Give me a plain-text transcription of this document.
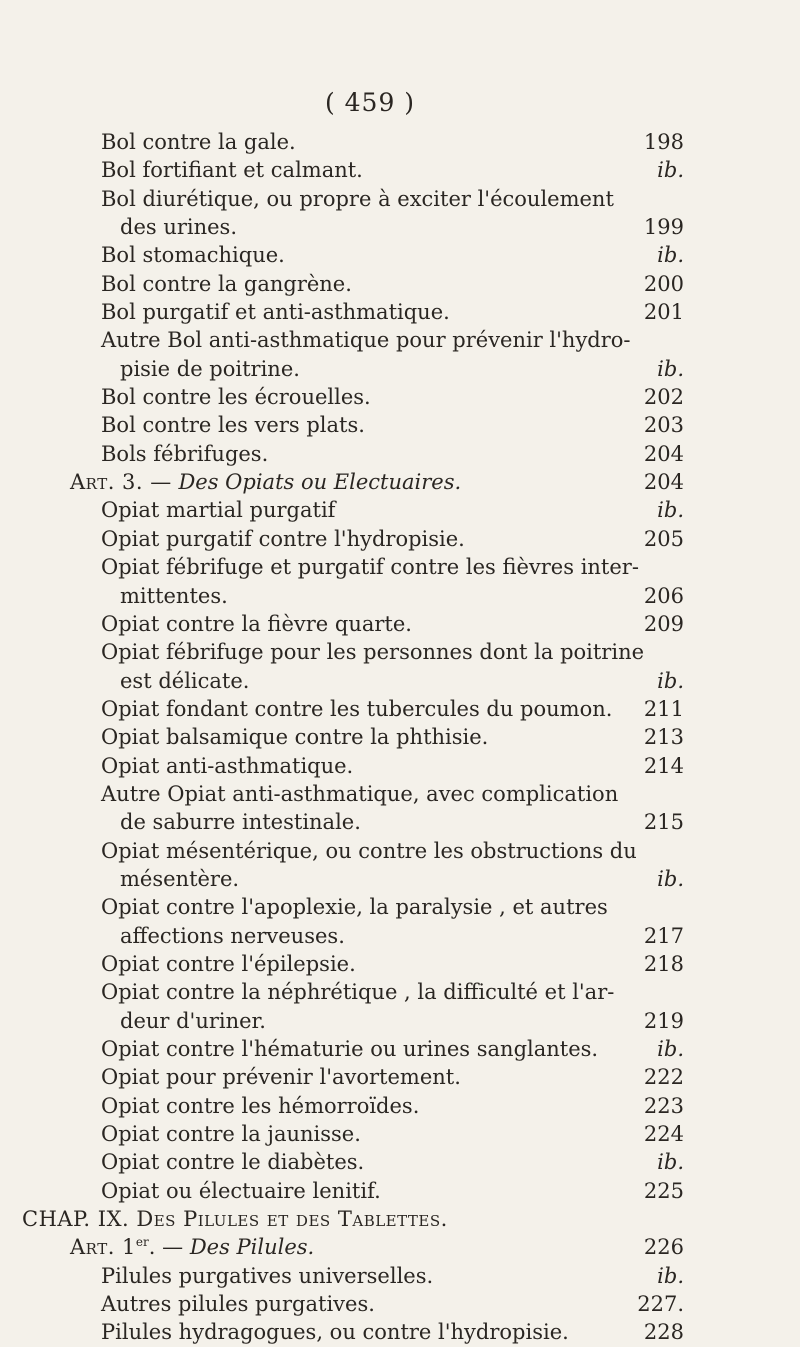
( 459 )
Bol contre la gale.	198
Bol fortifiant et calmant.	ib.
Bol diurétique, ou propre à exciter l'écoulement
des urines.	199
Bol stomachique.	ib.
Bol contre la gangrène.	200
Bol purgatif et anti-asthmatique.	201
Autre Bol anti-asthmatique pour prévenir l'hydro-
pisie de poitrine.	ib.
Bol contre les écrouelles.	202
Bol contre les vers plats.	203
Bols fébrifuges.	204
Art. 3. — Des Opiats ou Electuaires.	204
Opiat martial purgatif	ib.
Opiat purgatif contre l'hydropisie.	205
Opiat fébrifuge et purgatif contre les fièvres inter-
mittentes.	206
Opiat contre la fièvre quarte.	209
Opiat fébrifuge pour les personnes dont la poitrine
est délicate.	ib.
Opiat fondant contre les tubercules du poumon.	211
Opiat balsamique contre la phthisie.	213
Opiat anti-asthmatique.	214
Autre Opiat anti-asthmatique, avec complication
de saburre intestinale.	215
Opiat mésentérique, ou contre les obstructions du
mésentère.	ib.
Opiat contre l'apoplexie, la paralysie , et autres
affections nerveuses.	217
Opiat contre l'épilepsie.	218
Opiat contre la néphrétique , la difficulté et l'ar-
deur d'uriner.	219
Opiat contre l'hématurie ou urines sanglantes.	ib.
Opiat pour prévenir l'avortement.	222
Opiat contre les hémorroïdes.	223
Opiat contre la jaunisse.	224
Opiat contre le diabètes.	ib.
Opiat ou électuaire lenitif.	225
CHAP. IX. Des Pilules et des Tablettes.
Art. 1er. — Des Pilules.	226
Pilules purgatives universelles.	ib.
Autres pilules purgatives.	227.
Pilules hydragogues, ou contre l'hydropisie.	228
